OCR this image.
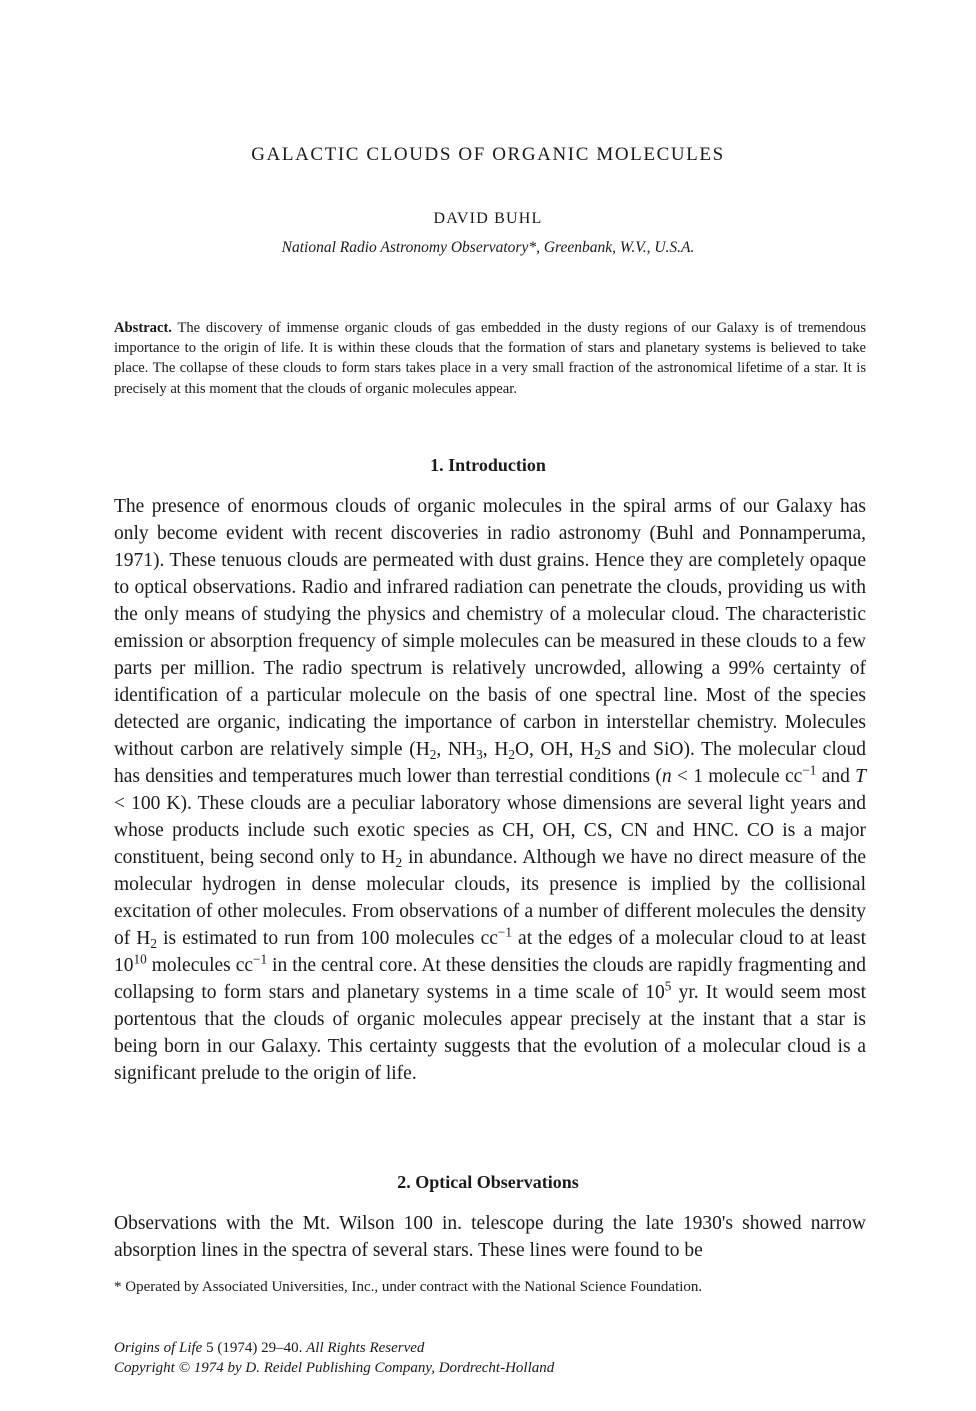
GALACTIC CLOUDS OF ORGANIC MOLECULES

DAVID BUHL

National Radio Astronomy Observatory*, Greenbank, W.V., U.S.A.

Abstract. The discovery of immense organic clouds of gas embedded in the dusty regions of our Galaxy is of tremendous importance to the origin of life. It is within these clouds that the formation of stars and planetary systems is believed to take place. The collapse of these clouds to form stars takes place in a very small fraction of the astronomical lifetime of a star. It is precisely at this moment that the clouds of organic molecules appear.

1. Introduction

The presence of enormous clouds of organic molecules in the spiral arms of our Galaxy has only become evident with recent discoveries in radio astronomy (Buhl and Ponnamperuma, 1971). These tenuous clouds are permeated with dust grains. Hence they are completely opaque to optical observations. Radio and infrared radiation can penetrate the clouds, providing us with the only means of studying the physics and chemistry of a molecular cloud. The characteristic emission or absorption frequency of simple molecules can be measured in these clouds to a few parts per million. The radio spectrum is relatively uncrowded, allowing a 99% certainty of identification of a particular molecule on the basis of one spectral line. Most of the species detected are organic, indicating the importance of carbon in interstellar chemistry. Molecules without carbon are relatively simple ($H_2$, $NH_3$, $H_2O$, OH, $H_2S$ and SiO). The molecular cloud has densities and temperatures much lower than terrestial conditions (n < 1 molecule $cc^{-1}$ and T < 100 K). These clouds are a peculiar laboratory whose dimensions are several light years and whose products include such exotic species as CH, OH, CS, CN and HNC. CO is a major constituent, being second only to $H_2$ in abundance. Although we have no direct measure of the molecular hydrogen in dense molecular clouds, its presence is implied by the collisional excitation of other molecules. From observations of a number of different molecules the density of $H_2$ is estimated to run from 100 molecules $cc^{-1}$ at the edges of a molecular cloud to at least $10^{10}$ molecules $cc^{-1}$ in the central core. At these densities the clouds are rapidly fragmenting and collapsing to form stars and planetary systems in a time scale of $10^5$ yr. It would seem most portentous that the clouds of organic molecules appear precisely at the instant that a star is being born in our Galaxy. This certainty suggests that the evolution of a molecular cloud is a significant prelude to the origin of life.

2. Optical Observations

Observations with the Mt. Wilson 100 in. telescope during the late 1930's showed narrow absorption lines in the spectra of several stars. These lines were found to be

* Operated by Associated Universities, Inc., under contract with the National Science Foundation.

Origins of Life 5 (1974) 29–40. All Rights Reserved
Copyright © 1974 by D. Reidel Publishing Company, Dordrecht-Holland
